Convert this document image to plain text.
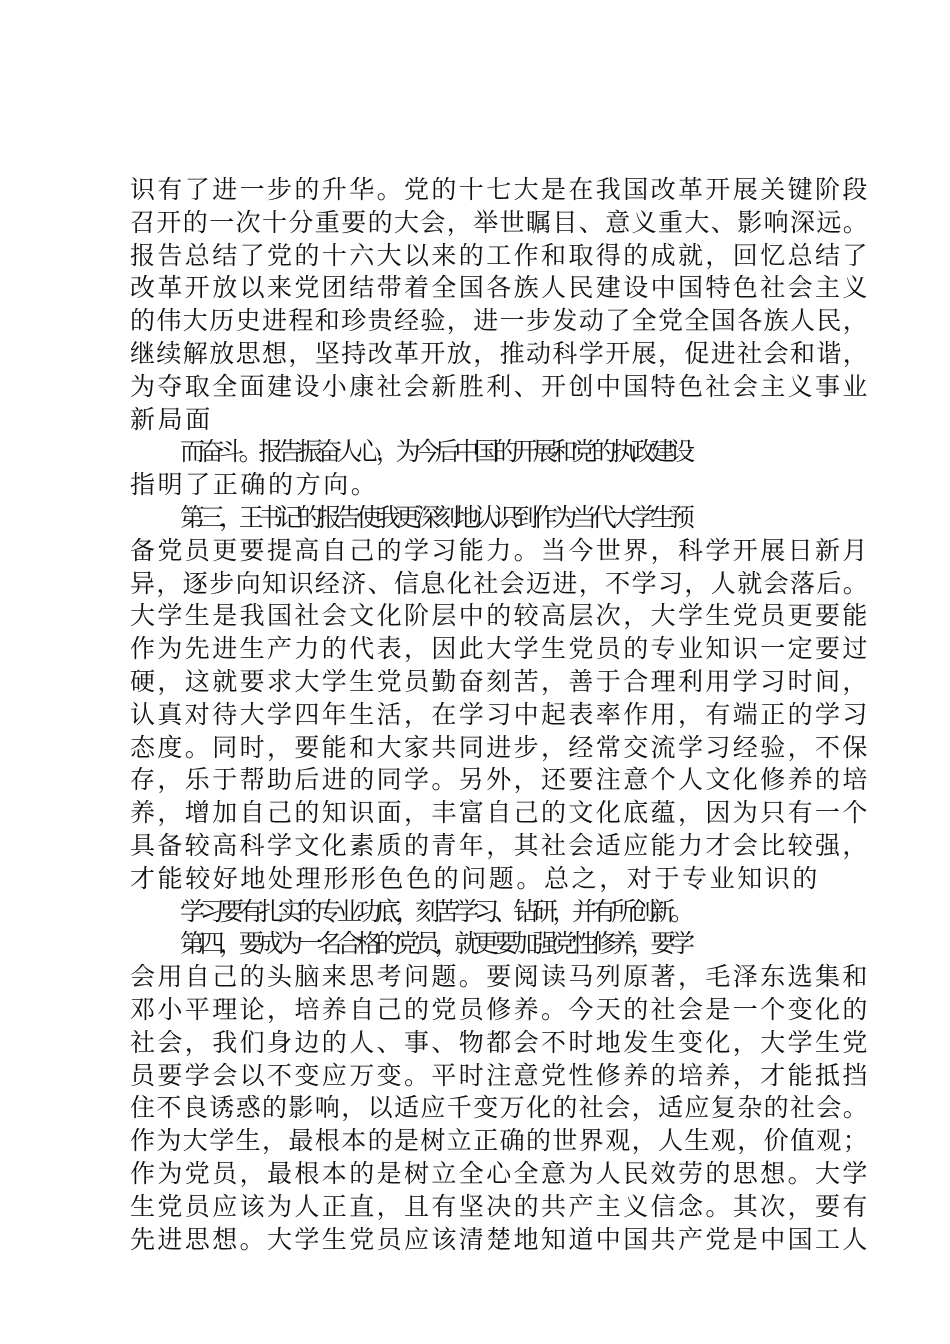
识有了进一步的升华。党的十七大是在我国改革开展关键阶段
召开的一次十分重要的大会，举世瞩目、意义重大、影响深远。
报告总结了党的十六大以来的工作和取得的成就，回忆总结了
改革开放以来党团结带着全国各族人民建设中国特色社会主义
的伟大历史进程和珍贵经验，进一步发动了全党全国各族人民，
继续解放思想，坚持改革开放，推动科学开展，促进社会和谐，
为夺取全面建设小康社会新胜利、开创中国特色社会主义事业
新局面
而奋斗。报告振奋人心，为今后中国的开展和党的执政建设
指明了正确的方向。
第三，王书记的报告使我更深刻地认识到作为当代大学生预
备党员更要提高自己的学习能力。当今世界，科学开展日新月
异，逐步向知识经济、信息化社会迈进，不学习，人就会落后。
大学生是我国社会文化阶层中的较高层次，大学生党员更要能
作为先进生产力的代表，因此大学生党员的专业知识一定要过
硬，这就要求大学生党员勤奋刻苦，善于合理利用学习时间，
认真对待大学四年生活，在学习中起表率作用，有端正的学习
态度。同时，要能和大家共同进步，经常交流学习经验，不保
存，乐于帮助后进的同学。另外，还要注意个人文化修养的培
养，增加自己的知识面，丰富自己的文化底蕴，因为只有一个
具备较高科学文化素质的青年，其社会适应能力才会比较强，
才能较好地处理形形色色的问题。总之，对于专业知识的
学习要有扎实的专业功底，刻苦学习、钻研，并有所创新。
第四，要成为一名合格的党员，就更要加强党性修养，要学
会用自己的头脑来思考问题。要阅读马列原著，毛泽东选集和
邓小平理论，培养自己的党员修养。今天的社会是一个变化的
社会，我们身边的人、事、物都会不时地发生变化，大学生党
员要学会以不变应万变。平时注意党性修养的培养，才能抵挡
住不良诱惑的影响，以适应千变万化的社会，适应复杂的社会。
作为大学生，最根本的是树立正确的世界观，人生观，价值观；
作为党员，最根本的是树立全心全意为人民效劳的思想。大学
生党员应该为人正直，且有坚决的共产主义信念。其次，要有
先进思想。大学生党员应该清楚地知道中国共产党是中国工人
